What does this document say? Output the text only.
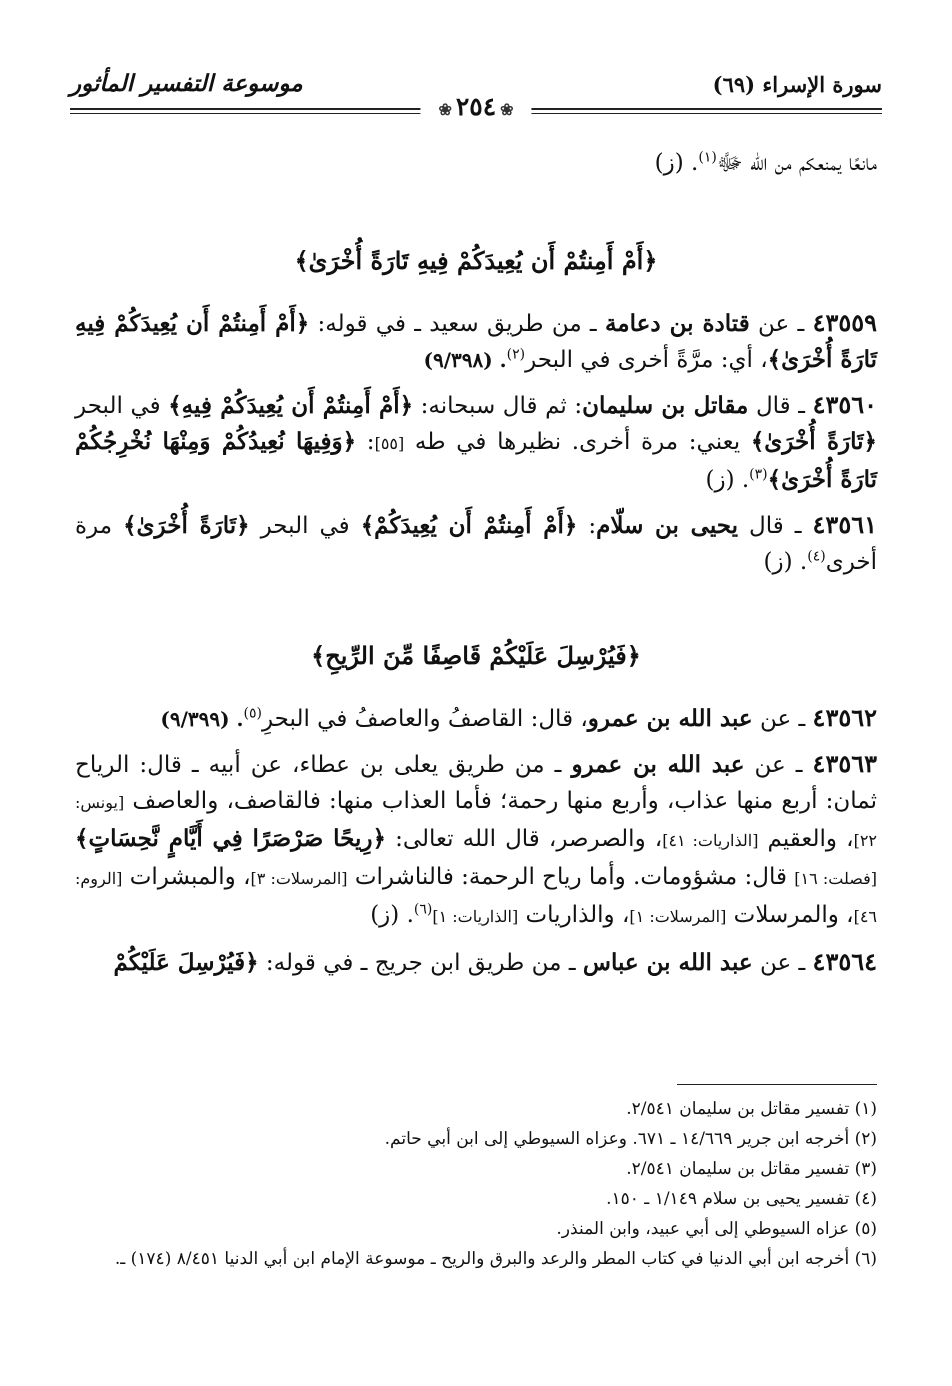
سورة الإسراء (٦٩)
موسوعة التفسير المأثور
❀٢٥٤❀

مانعًا يمنعكم من الله ﷻ$^{(١)}$. (ز)

﴿أَمْ أَمِنتُمْ أَن يُعِيدَكُمْ فِيهِ تَارَةً أُخْرَىٰ﴾

٤٣٥٥٩ ـ عن قتادة بن دعامة ـ من طريق سعيد ـ في قوله: ﴿أَمْ أَمِنتُمْ أَن يُعِيدَكُمْ فِيهِ تَارَةً أُخْرَىٰ﴾، أي: مرَّةً أخرى في البحر$^{(٢)}$. (٩/٣٩٨)

٤٣٥٦٠ ـ قال مقاتل بن سليمان: ثم قال سبحانه: ﴿أَمْ أَمِنتُمْ أَن يُعِيدَكُمْ فِيهِ﴾ في البحر ﴿تَارَةً أُخْرَىٰ﴾ يعني: مرة أخرى. نظيرها في طه [٥٥]: ﴿وَفِيهَا نُعِيدُكُمْ وَمِنْهَا نُخْرِجُكُمْ تَارَةً أُخْرَىٰ﴾$^{(٣)}$. (ز)

٤٣٥٦١ ـ قال يحيى بن سلّام: ﴿أَمْ أَمِنتُمْ أَن يُعِيدَكُمْ﴾ في البحر ﴿تَارَةً أُخْرَىٰ﴾ مرة أخرى$^{(٤)}$. (ز)

﴿فَيُرْسِلَ عَلَيْكُمْ قَاصِفًا مِّنَ الرِّيحِ﴾

٤٣٥٦٢ ـ عن عبد الله بن عمرو، قال: القاصفُ والعاصفُ في البحرِ$^{(٥)}$. (٩/٣٩٩)

٤٣٥٦٣ ـ عن عبد الله بن عمرو ـ من طريق يعلى بن عطاء، عن أبيه ـ قال: الرياح ثمان: أربع منها عذاب، وأربع منها رحمة؛ فأما العذاب منها: فالقاصف، والعاصف [يونس: ٢٢]، والعقيم [الذاريات: ٤١]، والصرصر، قال الله تعالى: ﴿رِيحًا صَرْصَرًا فِي أَيَّامٍ نَّحِسَاتٍ﴾ [فصلت: ١٦] قال: مشؤومات. وأما رياح الرحمة: فالناشرات [المرسلات: ٣]، والمبشرات [الروم: ٤٦]، والمرسلات [المرسلات: ١]، والذاريات [الذاريات: ١]$^{(٦)}$. (ز)

٤٣٥٦٤ ـ عن عبد الله بن عباس ـ من طريق ابن جريج ـ في قوله: ﴿فَيُرْسِلَ عَلَيْكُمْ

(١) تفسير مقاتل بن سليمان ٢/٥٤١.

(٢) أخرجه ابن جرير ١٤/٦٦٩ ـ ٦٧١. وعزاه السيوطي إلى ابن أبي حاتم.

(٣) تفسير مقاتل بن سليمان ٢/٥٤١.

(٤) تفسير يحيى بن سلام ١/١٤٩ ـ ١٥٠.

(٥) عزاه السيوطي إلى أبي عبيد، وابن المنذر.

(٦) أخرجه ابن أبي الدنيا في كتاب المطر والرعد والبرق والريح ـ موسوعة الإمام ابن أبي الدنيا ٨/٤٥١ (١٧٤) ـ.
